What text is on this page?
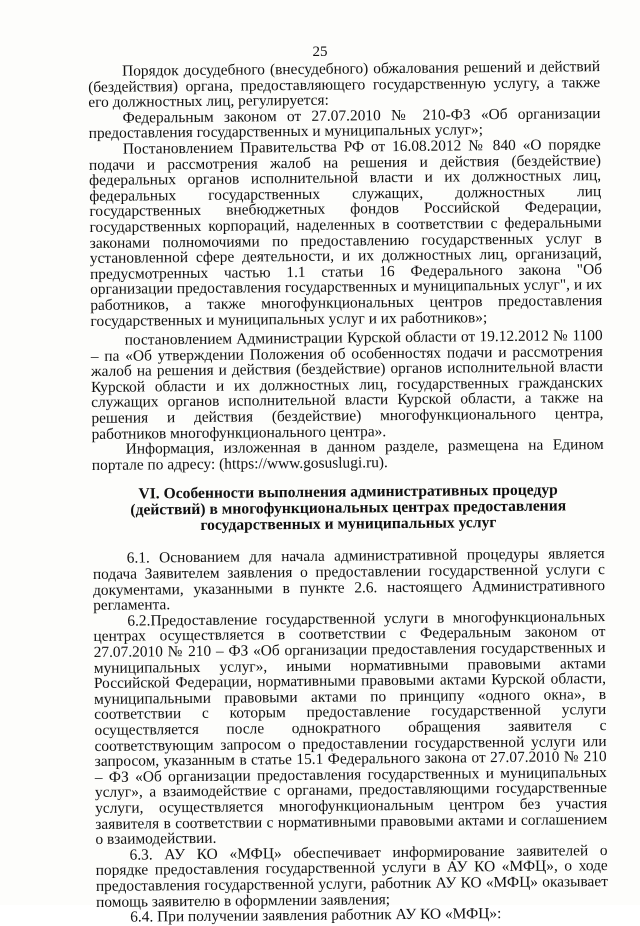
25

Порядок досудебного (внесудебного) обжалования решений и действий (бездействия) органа, предоставляющего государственную услугу, а также его должностных лиц, регулируется:

Федеральным законом от 27.07.2010 № 210-ФЗ «Об организации предоставления государственных и муниципальных услуг»;

Постановлением Правительства РФ от 16.08.2012 № 840 «О порядке подачи и рассмотрения жалоб на решения и действия (бездействие) федеральных органов исполнительной власти и их должностных лиц, федеральных государственных служащих, должностных лиц государственных внебюджетных фондов Российской Федерации, государственных корпораций, наделенных в соответствии с федеральными законами полномочиями по предоставлению государственных услуг в установленной сфере деятельности, и их должностных лиц, организаций, предусмотренных частью 1.1 статьи 16 Федерального закона "Об организации предоставления государственных и муниципальных услуг", и их работников, а также многофункциональных центров предоставления государственных и муниципальных услуг и их работников»;

постановлением Администрации Курской области от 19.12.2012 № 1100 – па «Об утверждении Положения об особенностях подачи и рассмотрения жалоб на решения и действия (бездействие) органов исполнительной власти Курской области и их должностных лиц, государственных гражданских служащих органов исполнительной власти Курской области, а также на решения и действия (бездействие) многофункционального центра, работников многофункционального центра».

Информация, изложенная в данном разделе, размещена на Едином портале по адресу: (https://www.gosuslugi.ru).

VI. Особенности выполнения административных процедур
(действий) в многофункциональных центрах предоставления
государственных и муниципальных услуг

6.1. Основанием для начала административной процедуры является подача Заявителем заявления о предоставлении государственной услуги с документами, указанными в пункте 2.6. настоящего Административного регламента.

6.2.Предоставление государственной услуги в многофункциональных центрах осуществляется в соответствии с Федеральным законом от 27.07.2010 № 210 – ФЗ «Об организации предоставления государственных и муниципальных услуг», иными нормативными правовыми актами Российской Федерации, нормативными правовыми актами Курской области, муниципальными правовыми актами по принципу «одного окна», в соответствии с которым предоставление государственной услуги осуществляется после однократного обращения заявителя с соответствующим запросом о предоставлении государственной услуги или запросом, указанным в статье 15.1 Федерального закона от 27.07.2010 № 210 – ФЗ «Об организации предоставления государственных и муниципальных услуг», а взаимодействие с органами, предоставляющими государственные услуги, осуществляется многофункциональным центром без участия заявителя в соответствии с нормативными правовыми актами и соглашением о взаимодействии.

6.3. АУ КО «МФЦ» обеспечивает информирование заявителей о порядке предоставления государственной услуги в АУ КО «МФЦ», о ходе предоставления государственной услуги, работник АУ КО «МФЦ» оказывает помощь заявителю в оформлении заявления;

6.4. При получении заявления работник АУ КО «МФЦ»:
